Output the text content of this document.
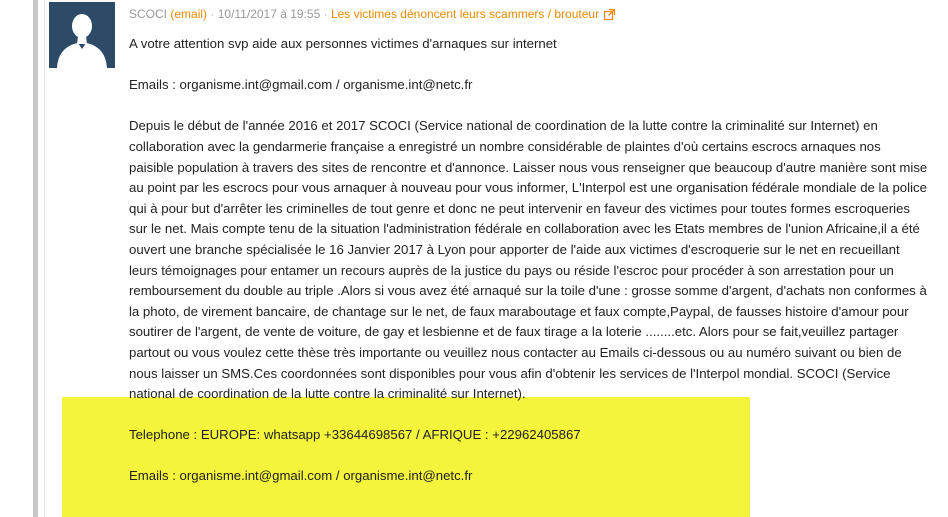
SCOCI (email) · 10/11/2017 à 19:55 · Les victimes dénoncent leurs scammers / brouteur

A votre attention svp aide aux personnes victimes d'arnaques sur internet

Emails : organisme.int@gmail.com / organisme.int@netc.fr

Depuis le début de l'année 2016 et 2017 SCOCI (Service national de coordination de la lutte contre la criminalité sur Internet) en collaboration avec la gendarmerie française a enregistré un nombre considérable de plaintes d'où certains escrocs arnaques nos paisible population à travers des sites de rencontre et d'annonce. Laisser nous vous renseigner que beaucoup d'autre manière sont mise au point par les escrocs pour vous arnaquer à nouveau pour vous informer, L'Interpol est une organisation fédérale mondiale de la police qui à pour but d'arrêter les criminelles de tout genre et donc ne peut intervenir en faveur des victimes pour toutes formes escroqueries sur le net. Mais compte tenu de la situation l'administration fédérale en collaboration avec les Etats membres de l'union Africaine,il a été ouvert une branche spécialisée le 16 Janvier 2017 à Lyon pour apporter de l'aide aux victimes d'escroquerie sur le net en recueillant leurs témoignages pour entamer un recours auprès de la justice du pays ou réside l'escroc pour procéder à son arrestation pour un remboursement du double au triple .Alors si vous avez été arnaqué sur la toile d'une : grosse somme d'argent, d'achats non conformes à la photo, de virement bancaire, de chantage sur le net, de faux maraboutage et faux compte,Paypal, de fausses histoire d'amour pour soutirer de l'argent, de vente de voiture, de gay et lesbienne et de faux tirage a la loterie ........etc. Alors pour se fait,veuillez partager partout ou vous voulez cette thèse très importante ou veuillez nous contacter au Emails ci-dessous ou au numéro suivant ou bien de nous laisser un SMS.Ces coordonnées sont disponibles pour vous afin d'obtenir les services de l'Interpol mondial. SCOCI (Service national de coordination de la lutte contre la criminalité sur Internet).

Telephone : EUROPE: whatsapp +33644698567 / AFRIQUE : +22962405867

Emails : organisme.int@gmail.com / organisme.int@netc.fr
